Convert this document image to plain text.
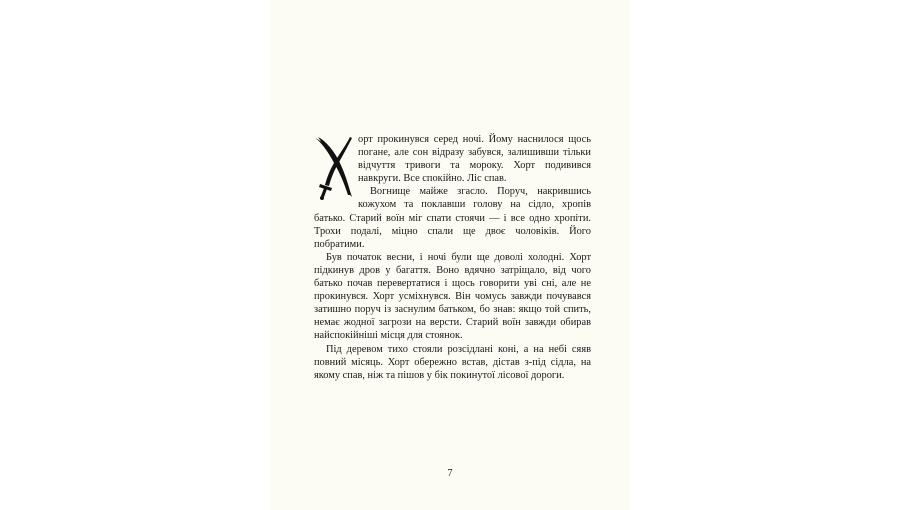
орт прокинувся серед ночі. Йому наснилося щось погане, але сон відразу забувся, залишивши тільки відчуття тривоги та мороку. Хорт подивився навкруги. Все спокійно. Ліс спав.

Вогнище майже згасло. Поруч, накрившись кожухом та поклавши голову на сідло, хропів батько. Старий воїн міг спати стоячи — і все одно хропіти. Трохи подалі, міцно спали ще двоє чоловіків. Його побратими.

Був початок весни, і ночі були ще доволі холодні. Хорт підкинув дров у багаття. Воно вдячно затріщало, від чого батько почав перевертатися і щось говорити уві сні, але не прокинувся. Хорт усміхнувся. Він чомусь завжди почувався затишно поруч із заснулим батьком, бо знав: якщо той спить, немає жодної загрози на версти. Старий воїн завжди обирав найспокійніші місця для стоянок.

Під деревом тихо стояли розсідлані коні, а на небі сяяв повний місяць. Хорт обережно встав, дістав з-під сідла, на якому спав, ніж та пішов у бік покинутої лісової дороги.

7
